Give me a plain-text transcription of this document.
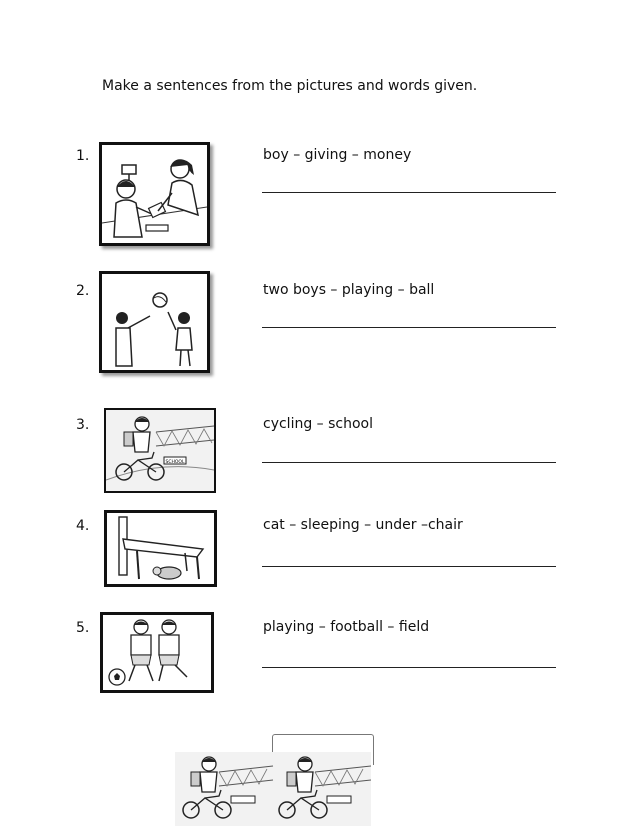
Make a sentences from the pictures and words given.
1.	boy – giving – money
2.	two boys – playing – ball
3.
SCHOOL
cycling – school
4.	cat – sleeping – under –chair
5.	playing – football – field
